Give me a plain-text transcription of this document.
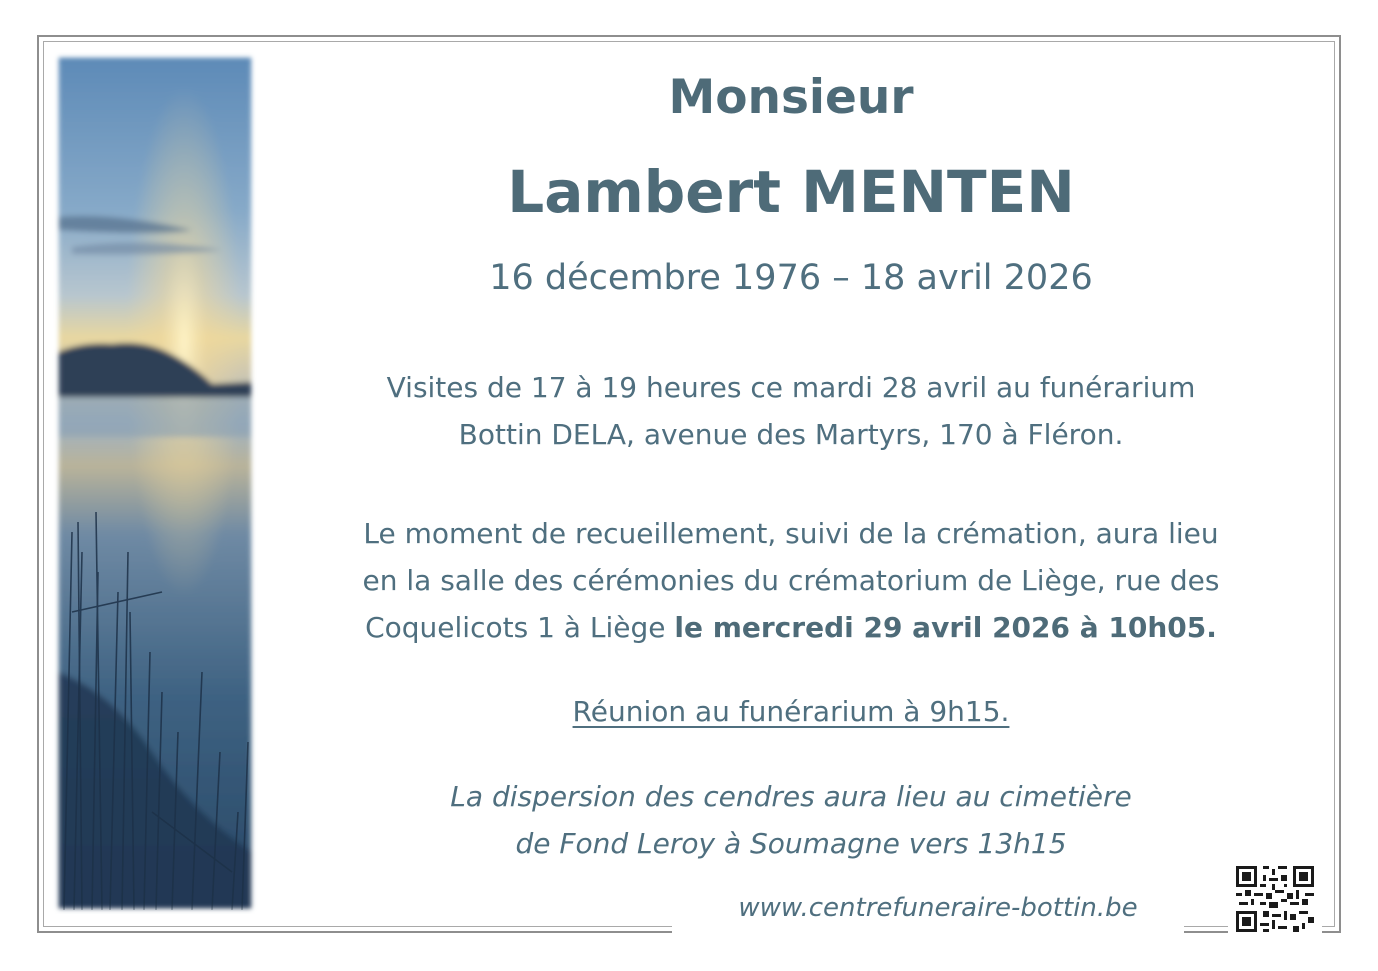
Monsieur
Lambert MENTEN

16 décembre 1976 – 18 avril 2026

Visites de 17 à 19 heures ce mardi 28 avril au funérarium
Bottin DELA, avenue des Martyrs, 170 à Fléron.

Le moment de recueillement, suivi de la crémation, aura lieu
en la salle des cérémonies du crématorium de Liège, rue des
Coquelicots 1 à Liège le mercredi 29 avril 2026 à 10h05.

Réunion au funérarium à 9h15.

La dispersion des cendres aura lieu au cimetière
de Fond Leroy à Soumagne vers 13h15

www.centrefuneraire-bottin.be
